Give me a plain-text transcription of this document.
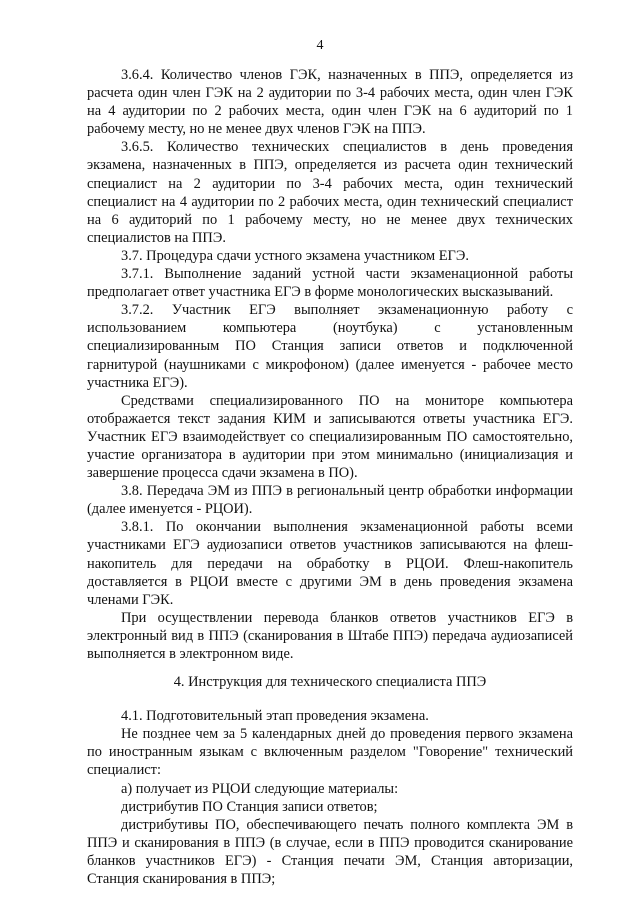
4

3.6.4. Количество членов ГЭК, назначенных в ППЭ, определяется из расчета один член ГЭК на 2 аудитории по 3-4 рабочих места, один член ГЭК на 4 аудитории по 2 рабочих места, один член ГЭК на 6 аудиторий по 1 рабочему месту, но не менее двух членов ГЭК на ППЭ.

3.6.5. Количество технических специалистов в день проведения экзамена, назначенных в ППЭ, определяется из расчета один технический специалист на 2 аудитории по 3-4 рабочих места, один технический специалист на 4 аудитории по 2 рабочих места, один технический специалист на 6 аудиторий по 1 рабочему месту, но не менее двух технических специалистов на ППЭ.

3.7. Процедура сдачи устного экзамена участником ЕГЭ.

3.7.1. Выполнение заданий устной части экзаменационной работы предполагает ответ участника ЕГЭ в форме монологических высказываний.

3.7.2. Участник ЕГЭ выполняет экзаменационную работу с использованием компьютера (ноутбука) с установленным специализированным ПО Станция записи ответов и подключенной гарнитурой (наушниками с микрофоном) (далее именуется - рабочее место участника ЕГЭ).

Средствами специализированного ПО на мониторе компьютера отображается текст задания КИМ и записываются ответы участника ЕГЭ. Участник ЕГЭ взаимодействует со специализированным ПО самостоятельно, участие организатора в аудитории при этом минимально (инициализация и завершение процесса сдачи экзамена в ПО).

3.8. Передача ЭМ из ППЭ в региональный центр обработки информации (далее именуется - РЦОИ).

3.8.1. По окончании выполнения экзаменационной работы всеми участниками ЕГЭ аудиозаписи ответов участников записываются на флеш-накопитель для передачи на обработку в РЦОИ. Флеш-накопитель доставляется в РЦОИ вместе с другими ЭМ в день проведения экзамена членами ГЭК.

При осуществлении перевода бланков ответов участников ЕГЭ в электронный вид в ППЭ (сканирования в Штабе ППЭ) передача аудиозаписей выполняется в электронном виде.

4. Инструкция для технического специалиста ППЭ

4.1. Подготовительный этап проведения экзамена.

Не позднее чем за 5 календарных дней до проведения первого экзамена по иностранным языкам с включенным разделом "Говорение" технический специалист:

а) получает из РЦОИ следующие материалы:

дистрибутив ПО Станция записи ответов;

дистрибутивы ПО, обеспечивающего печать полного комплекта ЭМ в ППЭ и сканирования в ППЭ (в случае, если в ППЭ проводится сканирование бланков участников ЕГЭ) - Станция печати ЭМ, Станция авторизации, Станция сканирования в ППЭ;
